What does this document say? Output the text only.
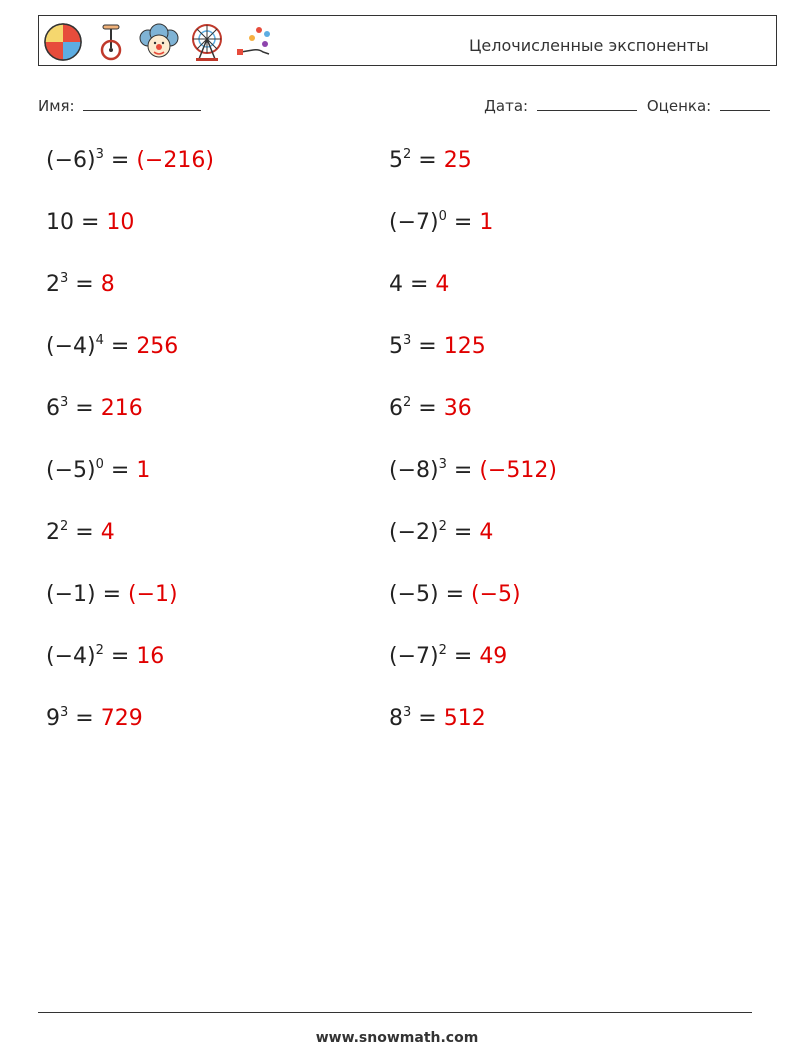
Целочисленные экспоненты
Имя:	Дата:	Оценка:
$(-6)^3 = (-216)$	$5^2 = 25$
10 = 10	$(-7)^0 = 1$
$2^3 = 8$	4 = 4
$(-4)^4 = 256$	$5^3 = 125$
$6^3 = 216$	$6^2 = 36$
$(-5)^0 = 1$	$(-8)^3 = (-512)$
$2^2 = 4$	$(-2)^2 = 4$
(−1) = (−1)	(−5) = (−5)
$(-4)^2 = 16$	$(-7)^2 = 49$
$9^3 = 729$	$8^3 = 512$
www.snowmath.com
